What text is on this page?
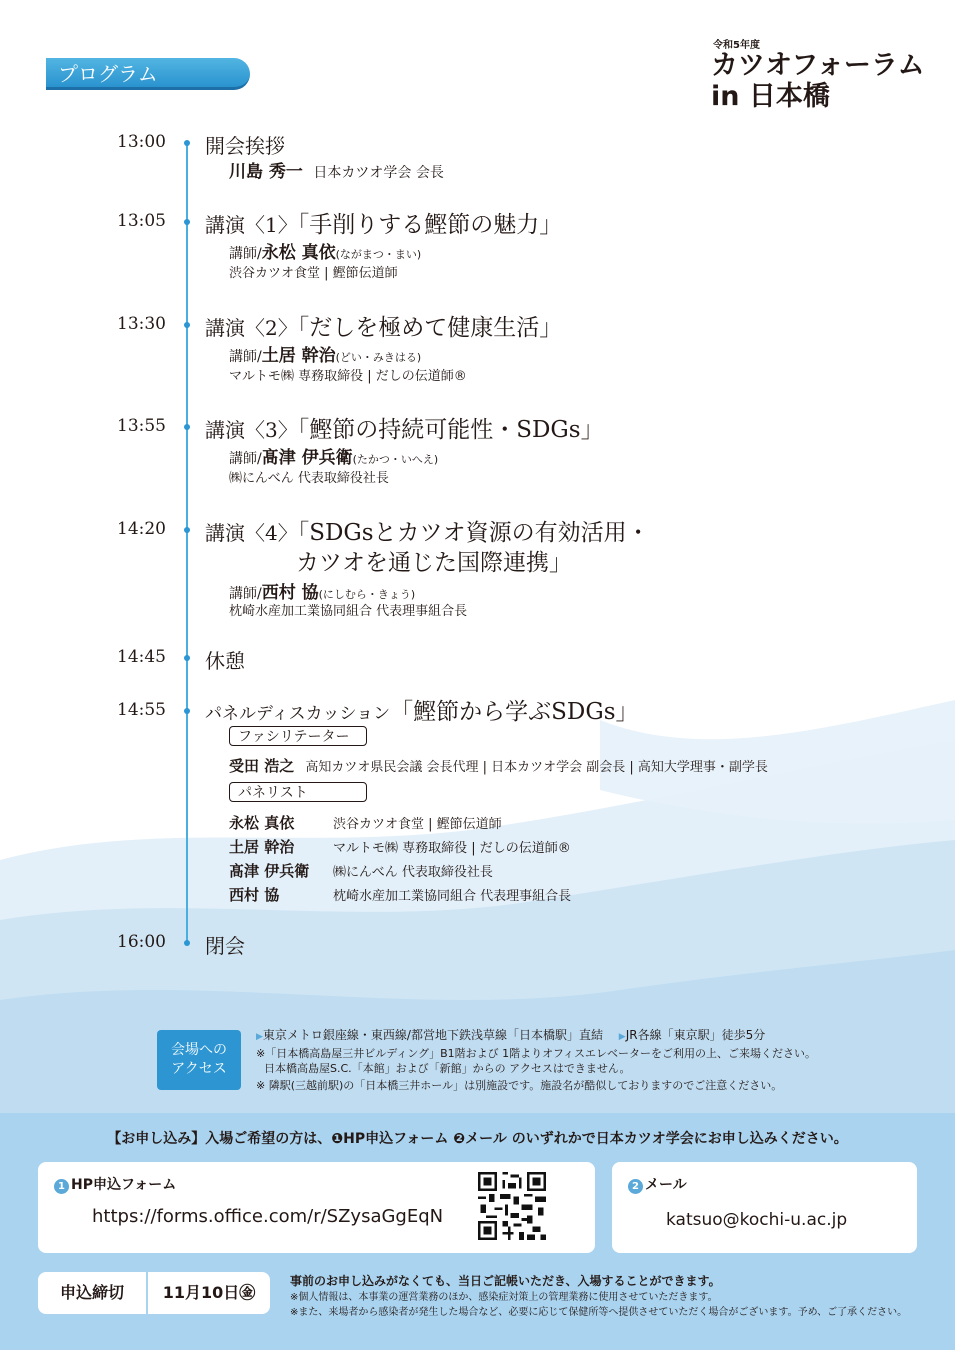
プログラム
令和5年度
カツオフォーラム
in 日本橋
13:00 開会挨拶
川島 秀一 日本カツオ学会 会長
13:05 講演〈1〉「手削りする鰹節の魅力」
講師/永松 真依(ながまつ・まい)
渋谷カツオ食堂 | 鰹節伝道師
13:30 講演〈2〉「だしを極めて健康生活」
講師/土居 幹治(どい・みきはる)
マルトモ㈱ 専務取締役 | だしの伝道師®
13:55 講演〈3〉「鰹節の持続可能性・SDGs」
講師/髙津 伊兵衛(たかつ・いへえ)
㈱にんべん 代表取締役社長
14:20 講演〈4〉「SDGsとカツオ資源の有効活用・
カツオを通じた国際連携」
講師/西村 協(にしむら・きょう)
枕崎水産加工業協同組合 代表理事組合長
14:45 休憩
14:55 パネルディスカッション「鰹節から学ぶSDGs」
ファシリテーター
受田 浩之 高知カツオ県民会議 会長代理 | 日本カツオ学会 副会長 | 高知大学理事・副学長
パネリスト
永松 真依	渋谷カツオ食堂 | 鰹節伝道師
土居 幹治	マルトモ㈱ 専務取締役 | だしの伝道師®
髙津 伊兵衛 ㈱にんべん 代表取締役社長
西村 協	枕崎水産加工業協同組合 代表理事組合長
16:00 閉会
会場への
アクセス
▶東京メトロ銀座線・東西線/都営地下鉄浅草線「日本橋駅」直結 ▶JR各線「東京駅」徒歩5分
※「日本橋高島屋三井ビルディング」B1階および 1階よりオフィスエレベーターをご利用の上、ご来場ください。
日本橋高島屋S.C.「本館」および「新館」からの アクセスはできません。
※ 隣駅(三越前駅)の「日本橋三井ホール」は別施設です。施設名が酷似しておりますのでご注意ください。
【お申し込み】入場ご希望の方は、❶HP申込フォーム ❷メール のいずれかで日本カツオ学会にお申し込みください。
1 HP申込フォーム
https://forms.office.com/r/SZysaGgEqN
2 メール
katsuo@kochi-u.ac.jp
申込締切	11月10日㊎
事前のお申し込みがなくても、当日ご記帳いただき、入場することができます。
※個人情報は、本事業の運営業務のほか、感染症対策上の管理業務に使用させていただきます。
※また、来場者から感染者が発生した場合など、必要に応じて保健所等へ提供させていただく場合がございます。予め、ご了承ください。
